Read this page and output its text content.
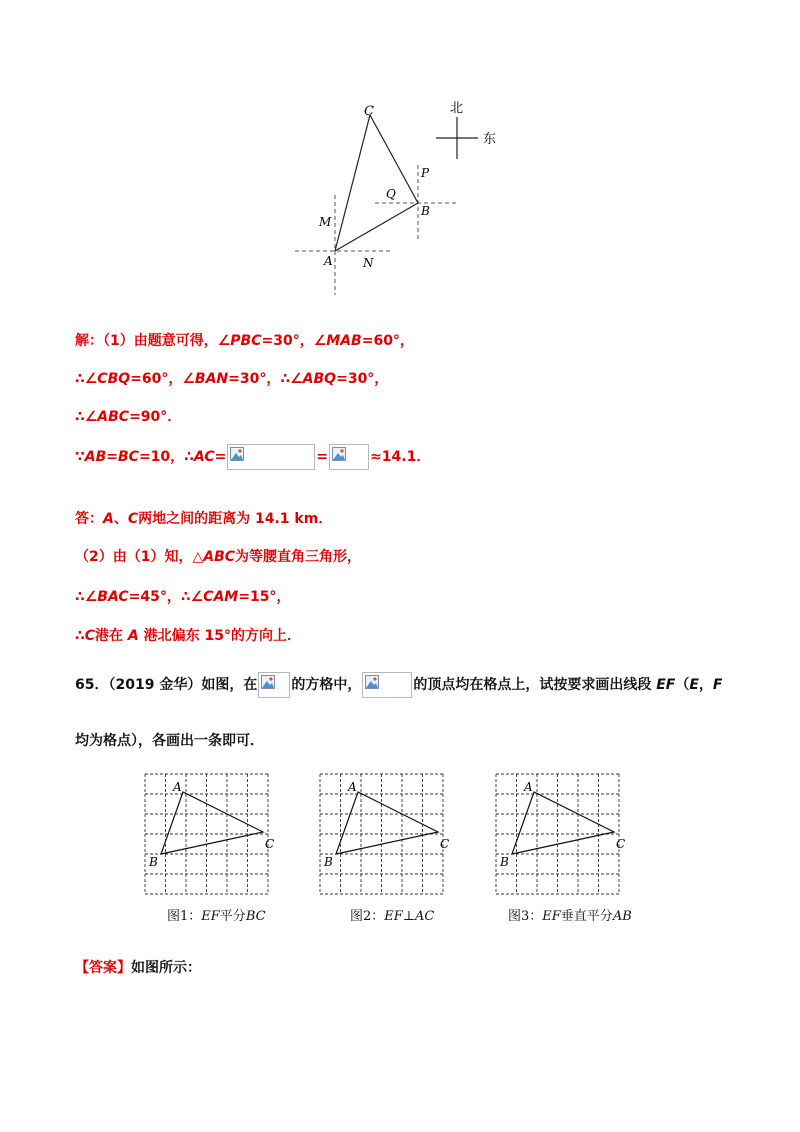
C
P
Q
B
M
A	N
北
东
解：（1）由题意可得，∠PBC=30°，∠MAB=60°，
∴∠CBQ=60°，∠BAN=30°，∴∠ABQ=30°，
∴∠ABC=90°．
∵AB=BC=10，∴AC=	=	≈14.1．
答：A、C两地之间的距离为 14.1 km．
（2）由（1）知，△ABC为等腰直角三角形，
∴∠BAC=45°，∴∠CAM=15°，
∴C港在 A 港北偏东 15°的方向上．
65．（2019 金华）如图，在 的方格中，	的顶点均在格点上，试按要求画出线段 EF（E，F
均为格点），各画出一条即可．
A
B
C
A
B
C
A
B
C
图1：EF平分BC	图2：EF⊥AC	图3：EF垂直平分AB
【答案】如图所示：
